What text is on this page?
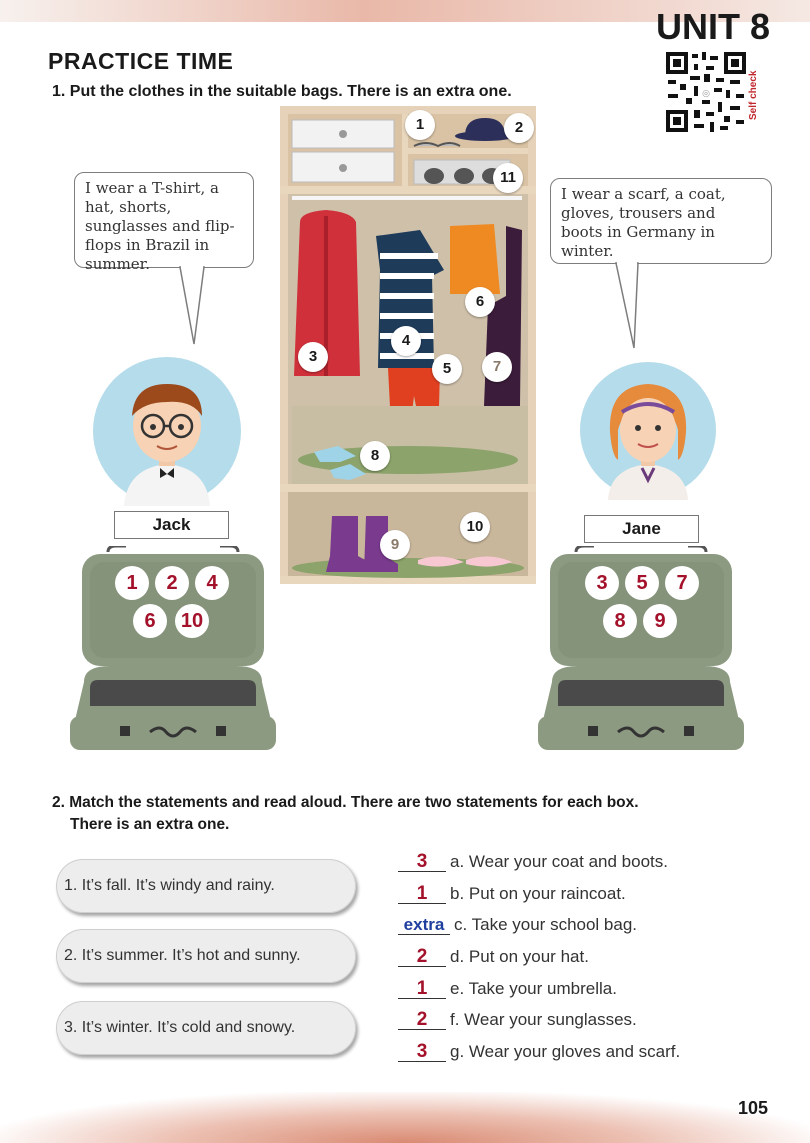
UNIT 8
◎	Self check
PRACTICE TIME
1. Put the clothes in the suitable bags. There is an extra one.
I wear a T-shirt, a hat, shorts, sunglasses and flip-flops in Brazil in summer.
I wear a scarf, a coat, gloves, trousers and boots in Germany in winter.
Jack	Jane
1	2
11
6
4
3
5	7
8
10
9
1	2	4
6	10
3	5	7
8	9
2. Match the statements and read aloud. There are two statements for each box.
There is an extra one.
1. It’s fall. It’s windy and rainy.
2. It’s summer. It’s hot and sunny.
3. It’s winter. It’s cold and snowy.
3 a. Wear your coat and boots.
1 b. Put on your raincoat.
extra c. Take your school bag.
2 d. Put on your hat.
1 e. Take your umbrella.
2 f. Wear your sunglasses.
3 g. Wear your gloves and scarf.
105
